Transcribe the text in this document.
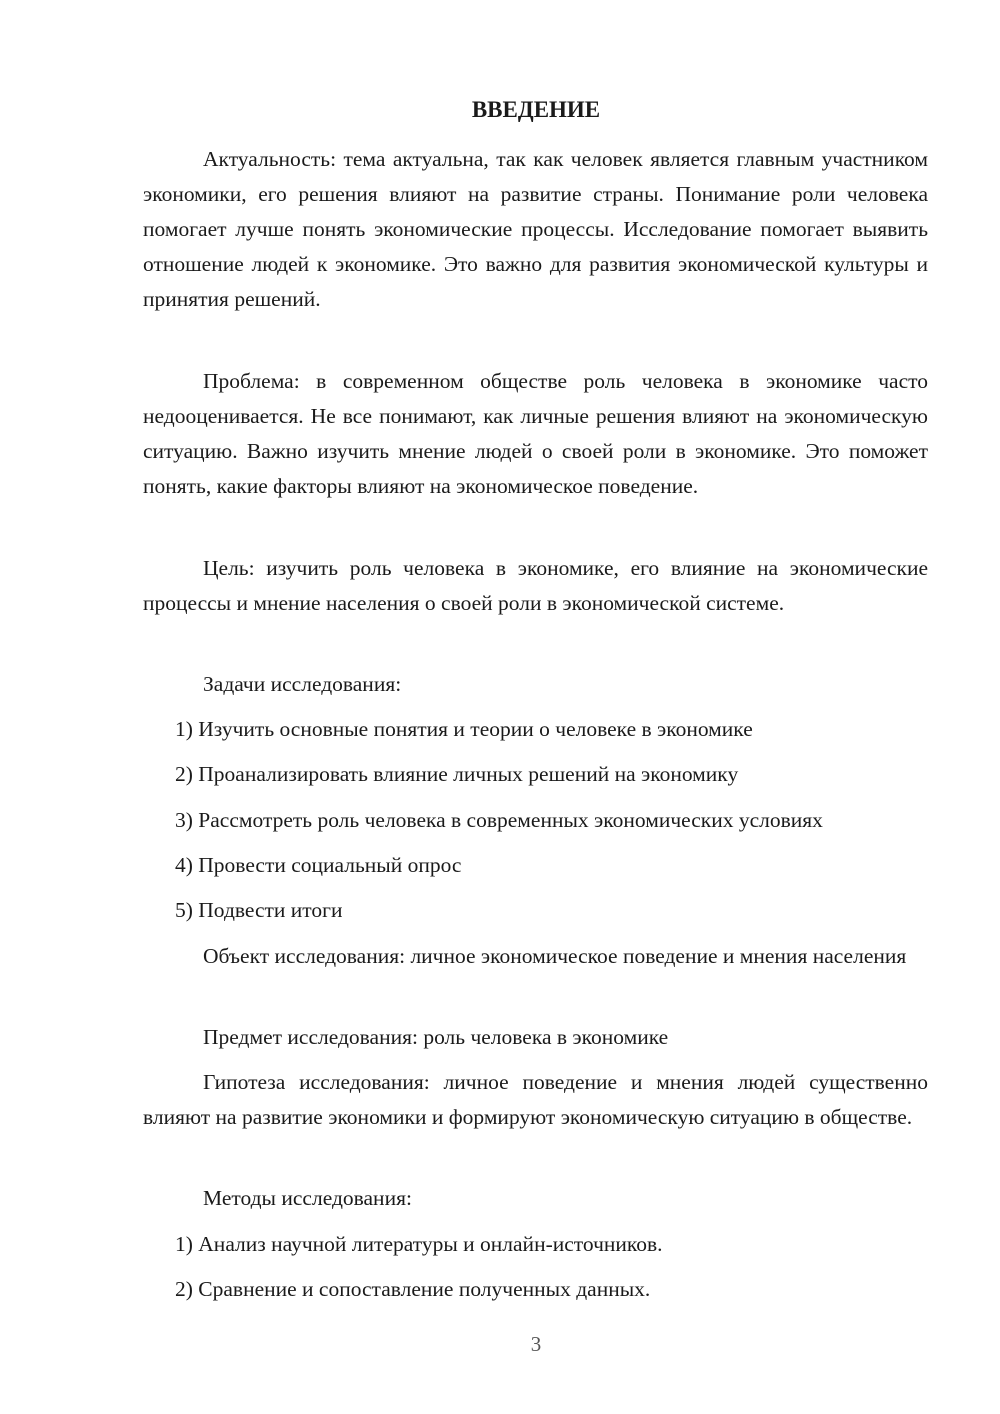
ВВЕДЕНИЕ

Актуальность: тема актуальна, так как человек является главным участником экономики, его решения влияют на развитие страны. Понимание роли человека помогает лучше понять экономические процессы. Исследование помогает выявить отношение людей к экономике. Это важно для развития экономической культуры и принятия решений.

Проблема: в современном обществе роль человека в экономике часто недооценивается. Не все понимают, как личные решения влияют на экономическую ситуацию. Важно изучить мнение людей о своей роли в экономике. Это поможет понять, какие факторы влияют на экономическое поведение.

Цель: изучить роль человека в экономике, его влияние на экономические процессы и мнение населения о своей роли в экономической системе.

Задачи исследования:

1) Изучить основные понятия и теории о человеке в экономике

2) Проанализировать влияние личных решений на экономику

3) Рассмотреть роль человека в современных экономических условиях

4) Провести социальный опрос

5) Подвести итоги

Объект исследования: личное экономическое поведение и мнения населения

Предмет исследования: роль человека в экономике

Гипотеза исследования: личное поведение и мнения людей существенно влияют на развитие экономики и формируют экономическую ситуацию в обществе.

Методы исследования:

1) Анализ научной литературы и онлайн-источников.

2) Сравнение и сопоставление полученных данных.

3
